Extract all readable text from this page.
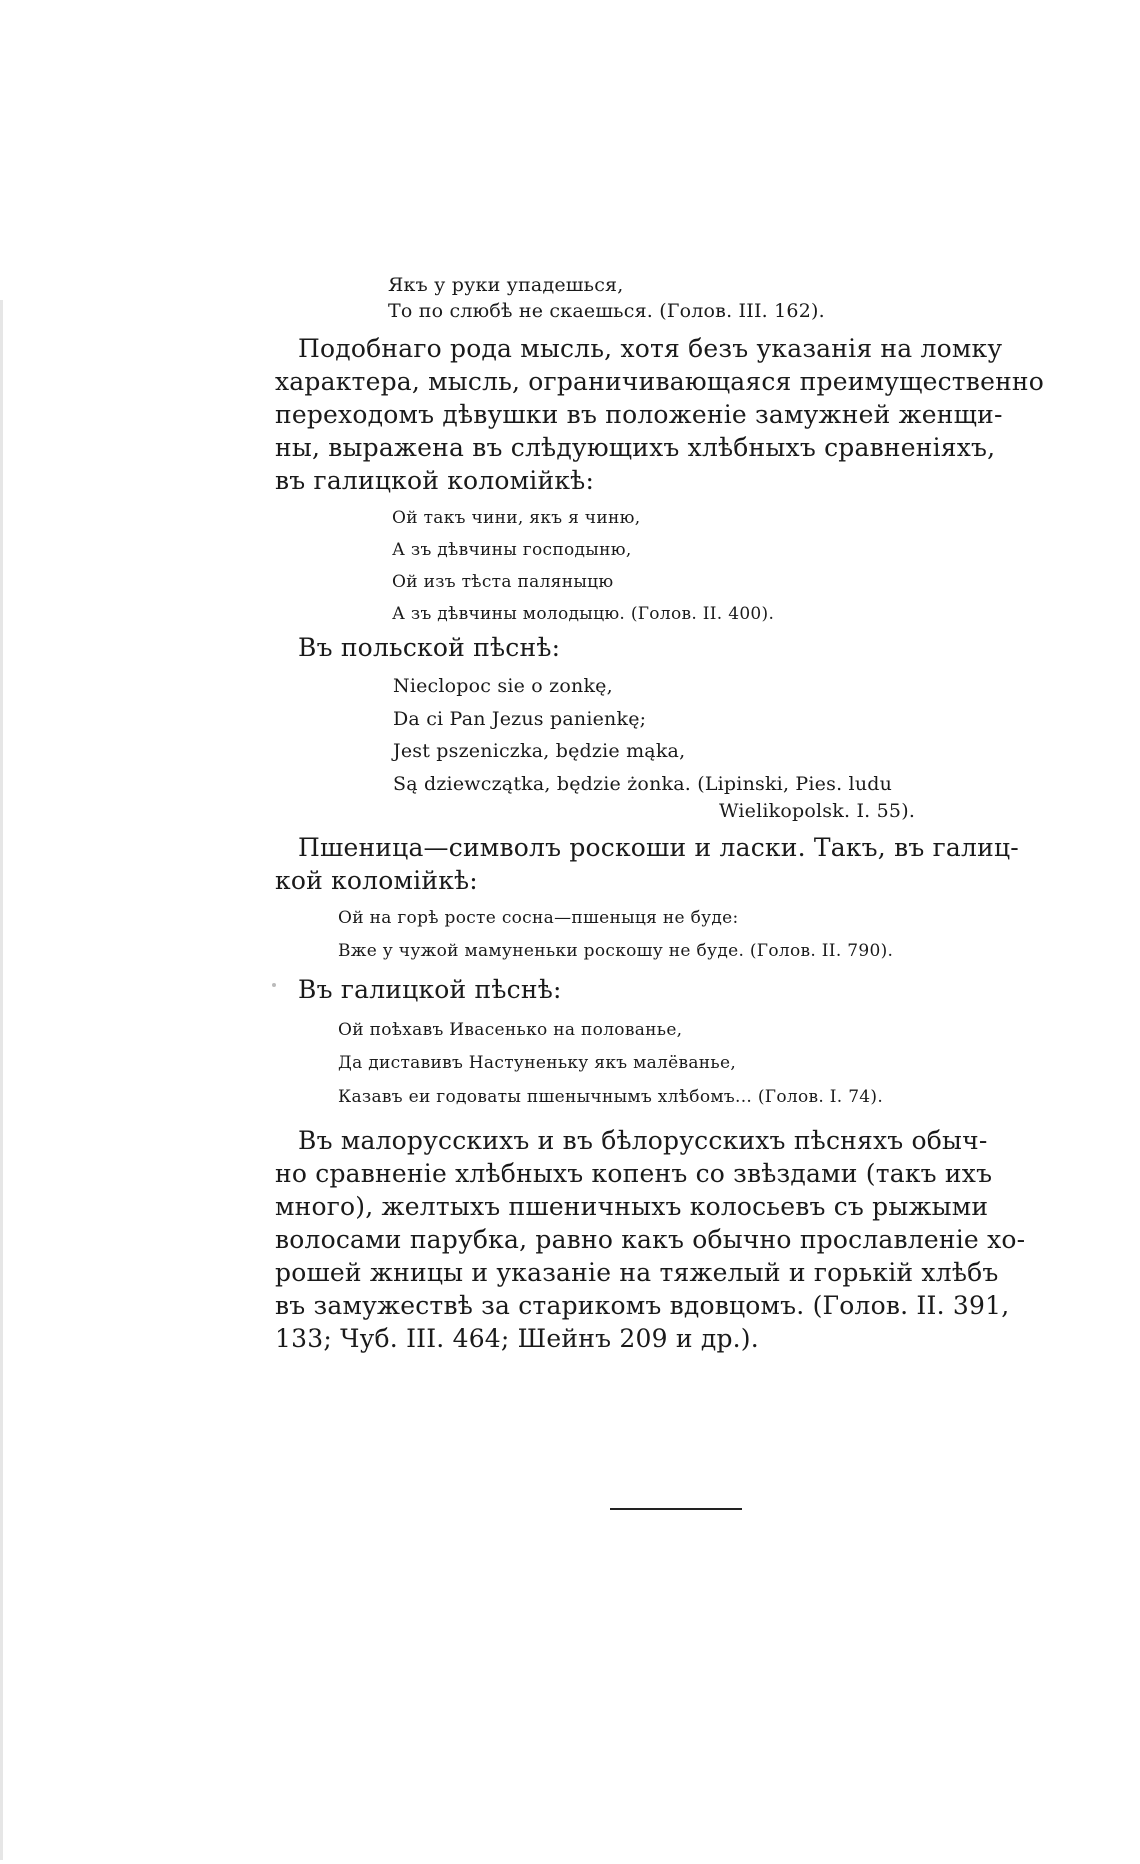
Якъ у руки упадешься,
То по слюбѣ не скаешься. (Голов. III. 162).
Подобнаго рода мысль, хотя безъ указанія на ломку
характера, мысль, ограничивающаяся преимущественно
переходомъ дѣвушки въ положеніе замужней женщи-
ны, выражена въ слѣдующихъ хлѣбныхъ сравненіяхъ,
въ галицкой коломійкѣ:
Ой такъ чини, якъ я чиню,
А зъ дѣвчины господыню,
Ой изъ тѣста паляныцю
А зъ дѣвчины молодыцю. (Голов. II. 400).
Въ польской пѣснѣ:
Nieclopoc sie o zonkę,
Da ci Pan Jezus panienkę;
Jest pszeniczka, będzie mąka,
Są dziewczątka, będzie żonka. (Lipinski, Pies. ludu
Wielikopolsk. I. 55).
Пшеница—символъ роскоши и ласки. Такъ, въ галиц-
кой коломійкѣ:
Ой на горѣ росте сосна—пшеныця не буде:
Вже у чужой мамуненьки роскошу не буде. (Голов. II. 790).
Въ галицкой пѣснѣ:
Ой поѣхавъ Ивасенько на полованье,
Да диставивъ Настуненьку якъ малёванье,
Казавъ еи годоваты пшенычнымъ хлѣбомъ... (Голов. I. 74).
Въ малорусскихъ и въ бѣлорусскихъ пѣсняхъ обыч-
но сравненіе хлѣбныхъ копенъ со звѣздами (такъ ихъ
много), желтыхъ пшеничныхъ колосьевъ съ рыжыми
волосами парубка, равно какъ обычно прославленіе хо-
рошей жницы и указаніе на тяжелый и горькій хлѣбъ
въ замужествѣ за старикомъ вдовцомъ. (Голов. II. 391,
133; Чуб. III. 464; Шейнъ 209 и др.).
